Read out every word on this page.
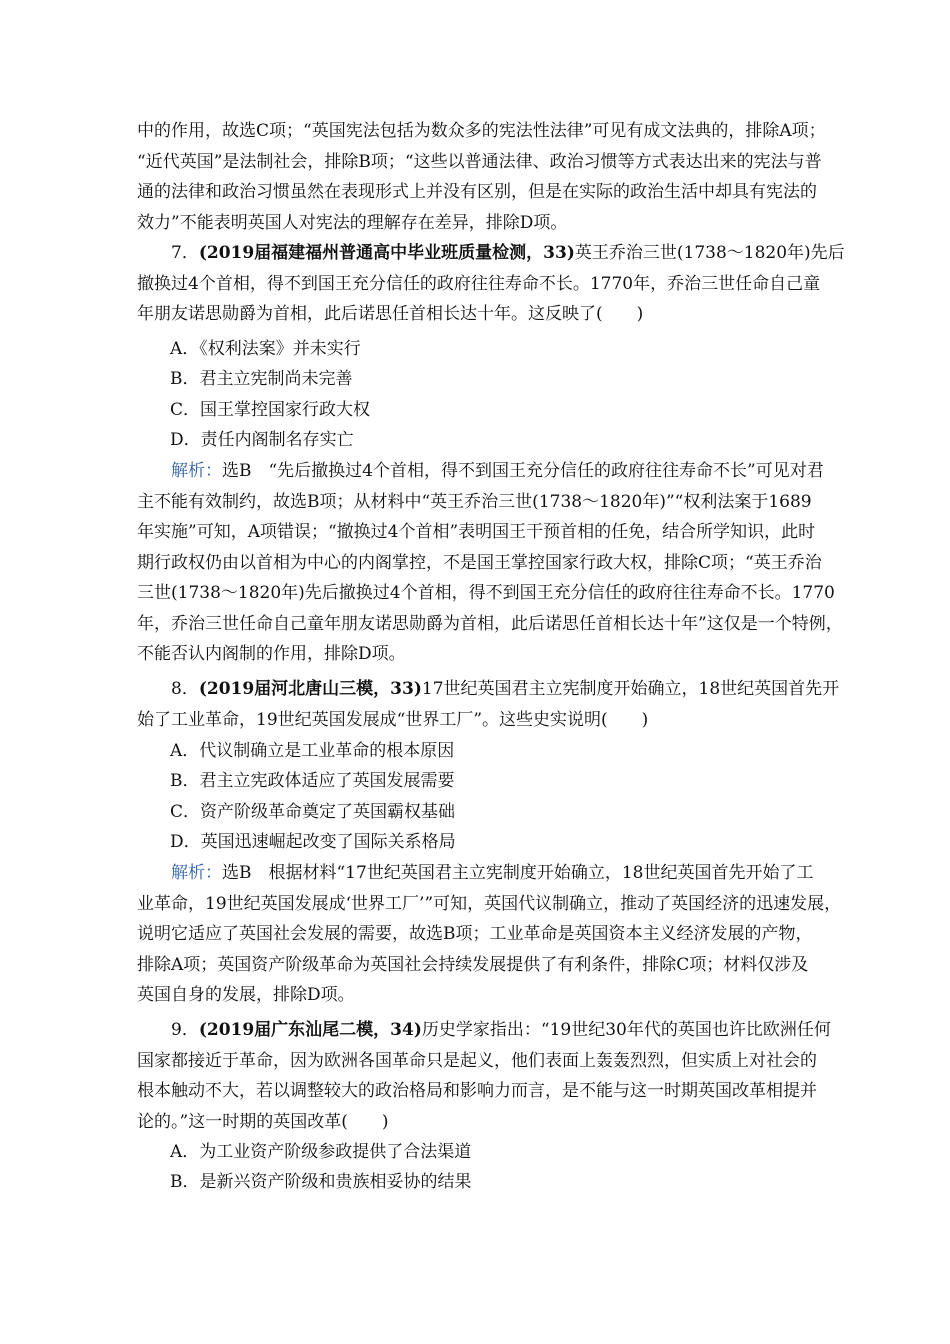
中的作用，故选C项；“英国宪法包括为数众多的宪法性法律”可见有成文法典的，排除A项；
“近代英国”是法制社会，排除B项；“这些以普通法律、政治习惯等方式表达出来的宪法与普
通的法律和政治习惯虽然在表现形式上并没有区别，但是在实际的政治生活中却具有宪法的
效力”不能表明英国人对宪法的理解存在差异，排除D项。
7．(2019届福建福州普通高中毕业班质量检测，33)英王乔治三世(1738～1820年)先后
撤换过4个首相，得不到国王充分信任的政府往往寿命不长。1770年，乔治三世任命自己童
年朋友诺思勋爵为首相，此后诺思任首相长达十年。这反映了(　　)
A．《权利法案》并未实行
B．君主立宪制尚未完善
C．国王掌控国家行政大权
D．责任内阁制名存实亡
解析：选B　“先后撤换过4个首相，得不到国王充分信任的政府往往寿命不长”可见对君
主不能有效制约，故选B项；从材料中“英王乔治三世(1738～1820年)”“权利法案于1689
年实施”可知，A项错误；“撤换过4个首相”表明国王干预首相的任免，结合所学知识，此时
期行政权仍由以首相为中心的内阁掌控，不是国王掌控国家行政大权，排除C项；“英王乔治
三世(1738～1820年)先后撤换过4个首相，得不到国王充分信任的政府往往寿命不长。1770
年，乔治三世任命自己童年朋友诺思勋爵为首相，此后诺思任首相长达十年”这仅是一个特例，
不能否认内阁制的作用，排除D项。
8．(2019届河北唐山三模，33)17世纪英国君主立宪制度开始确立，18世纪英国首先开
始了工业革命，19世纪英国发展成“世界工厂”。这些史实说明(　　)
A．代议制确立是工业革命的根本原因
B．君主立宪政体适应了英国发展需要
C．资产阶级革命奠定了英国霸权基础
D．英国迅速崛起改变了国际关系格局
解析：选B　根据材料“17世纪英国君主立宪制度开始确立，18世纪英国首先开始了工
业革命，19世纪英国发展成‘世界工厂’”可知，英国代议制确立，推动了英国经济的迅速发展，
说明它适应了英国社会发展的需要，故选B项；工业革命是英国资本主义经济发展的产物，
排除A项；英国资产阶级革命为英国社会持续发展提供了有利条件，排除C项；材料仅涉及
英国自身的发展，排除D项。
9．(2019届广东汕尾二模，34)历史学家指出：“19世纪30年代的英国也许比欧洲任何
国家都接近于革命，因为欧洲各国革命只是起义，他们表面上轰轰烈烈，但实质上对社会的
根本触动不大，若以调整较大的政治格局和影响力而言，是不能与这一时期英国改革相提并
论的。”这一时期的英国改革(　　)
A．为工业资产阶级参政提供了合法渠道
B．是新兴资产阶级和贵族相妥协的结果
